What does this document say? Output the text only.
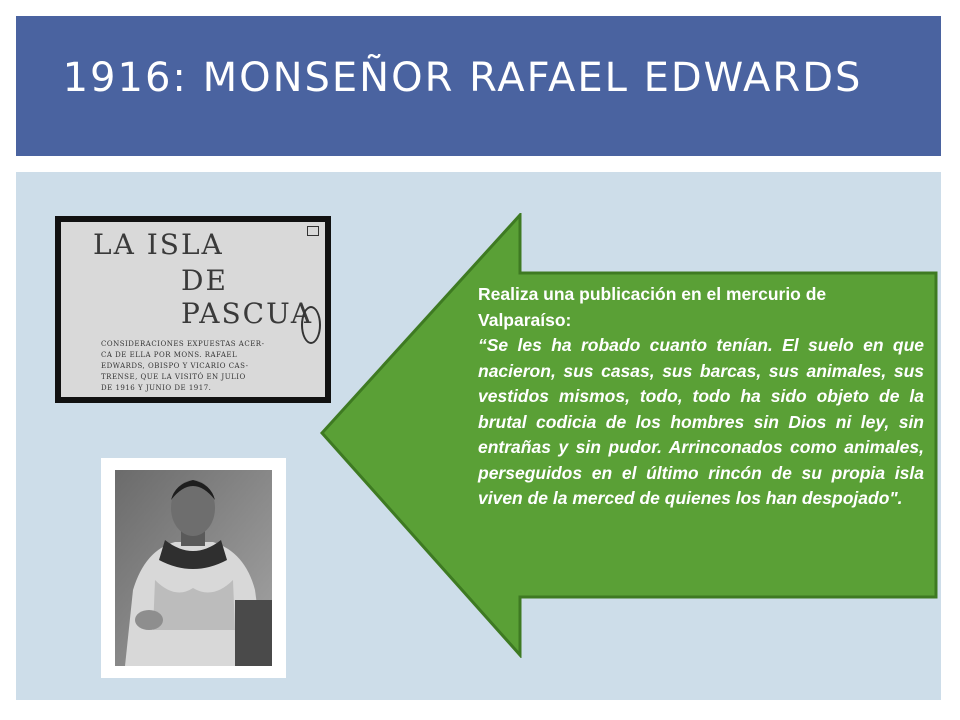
1916: MONSEÑOR RAFAEL EDWARDS
LA ISLA
DE PASCUA
CONSIDERACIONES EXPUESTAS ACER-
CA DE ELLA POR MONS. RAFAEL
EDWARDS, OBISPO Y VICARIO CAS-
TRENSE, QUE LA VISITÓ EN JULIO
DE 1916 Y JUNIO DE 1917.
Realiza una publicación en el mercurio de Valparaíso:
“Se les ha robado cuanto tenían. El suelo en que nacieron, sus casas, sus barcas, sus animales, sus vestidos mismos, todo, todo ha sido objeto de la brutal codicia de los hombres sin Dios ni ley, sin entrañas y sin pudor. Arrinconados como animales, perseguidos en el último rincón de su propia isla viven de la merced de quienes los han despojado".
